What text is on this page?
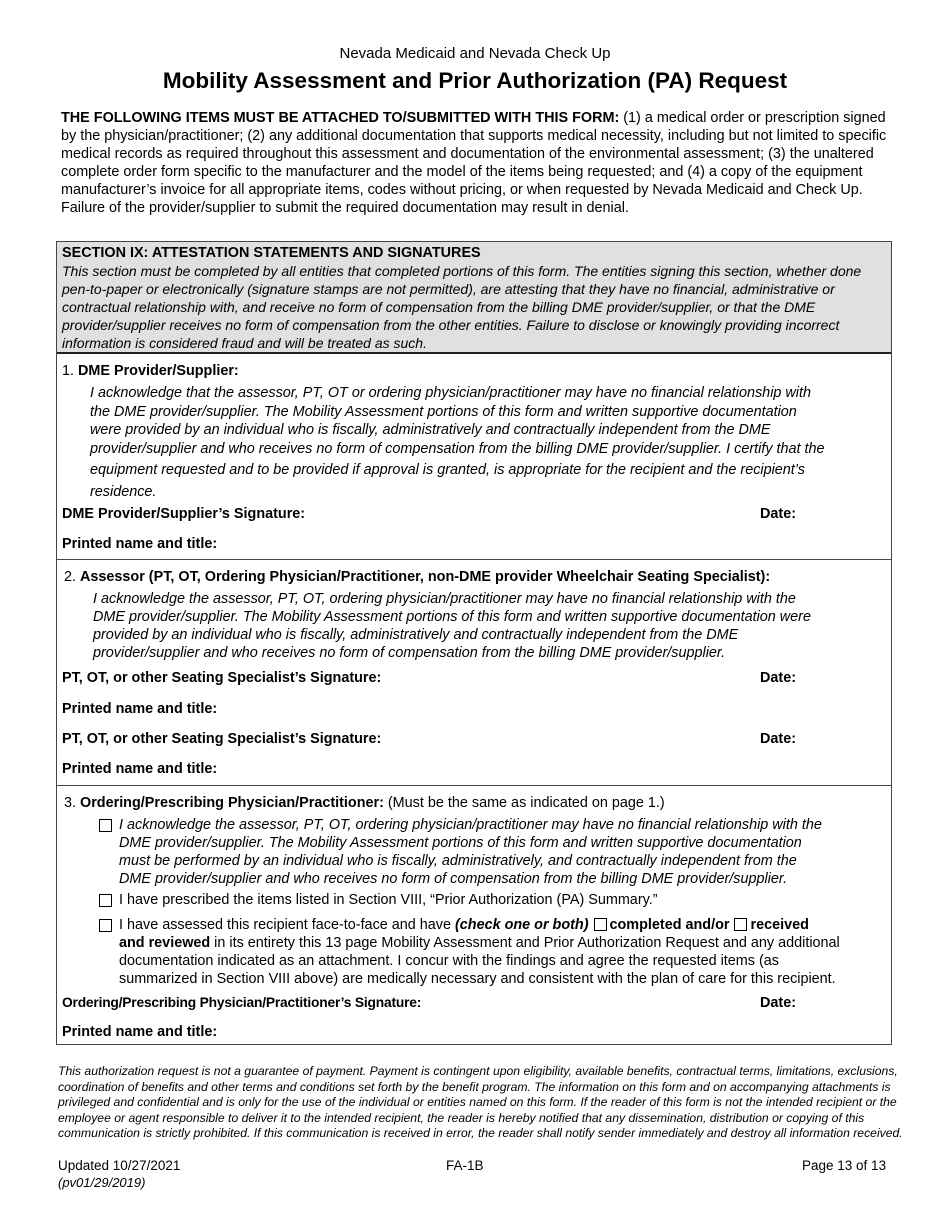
Nevada Medicaid and Nevada Check Up
Mobility Assessment and Prior Authorization (PA) Request
THE FOLLOWING ITEMS MUST BE ATTACHED TO/SUBMITTED WITH THIS FORM: (1) a medical order or prescription signed by the physician/practitioner; (2) any additional documentation that supports medical necessity, including but not limited to specific medical records as required throughout this assessment and documentation of the environmental assessment; (3) the unaltered complete order form specific to the manufacturer and the model of the items being requested; and (4) a copy of the equipment manufacturer’s invoice for all appropriate items, codes without pricing, or when requested by Nevada Medicaid and Check Up. Failure of the provider/supplier to submit the required documentation may result in denial.
SECTION IX: ATTESTATION STATEMENTS AND SIGNATURES
This section must be completed by all entities that completed portions of this form. The entities signing this section, whether done pen-to-paper or electronically (signature stamps are not permitted), are attesting that they have no financial, administrative or contractual relationship with, and receive no form of compensation from the billing DME provider/supplier, or that the DME provider/supplier receives no form of compensation from the other entities. Failure to disclose or knowingly providing incorrect information is considered fraud and will be treated as such.
1. DME Provider/Supplier:
I acknowledge that the assessor, PT, OT or ordering physician/practitioner may have no financial relationship with
the DME provider/supplier. The Mobility Assessment portions of this form and written supportive documentation
were provided by an individual who is fiscally, administratively and contractually independent from the DME
provider/supplier and who receives no form of compensation from the billing DME provider/supplier. I certify that the
equipment requested and to be provided if approval is granted, is appropriate for the recipient and the recipient’s
residence.
DME Provider/Supplier’s Signature:	Date:
Printed name and title:
2. Assessor (PT, OT, Ordering Physician/Practitioner, non-DME provider Wheelchair Seating Specialist):
I acknowledge the assessor, PT, OT, ordering physician/practitioner may have no financial relationship with the
DME provider/supplier. The Mobility Assessment portions of this form and written supportive documentation were
provided by an individual who is fiscally, administratively and contractually independent from the DME
provider/supplier and who receives no form of compensation from the billing DME provider/supplier.
PT, OT, or other Seating Specialist’s Signature:	Date:
Printed name and title:
PT, OT, or other Seating Specialist’s Signature:	Date:
Printed name and title:
3. Ordering/Prescribing Physician/Practitioner: (Must be the same as indicated on page 1.)
I acknowledge the assessor, PT, OT, ordering physician/practitioner may have no financial relationship with the
DME provider/supplier. The Mobility Assessment portions of this form and written supportive documentation
must be performed by an individual who is fiscally, administratively, and contractually independent from the
DME provider/supplier and who receives no form of compensation from the billing DME provider/supplier.
I have prescribed the items listed in Section VIII, “Prior Authorization (PA) Summary.”
I have assessed this recipient face-to-face and have (check one or both) completed and/or received
and reviewed in its entirety this 13 page Mobility Assessment and Prior Authorization Request and any additional
documentation indicated as an attachment. I concur with the findings and agree the requested items (as
summarized in Section VIII above) are medically necessary and consistent with the plan of care for this recipient.
Ordering/Prescribing Physician/Practitioner’s Signature:	Date:
Printed name and title:
This authorization request is not a guarantee of payment. Payment is contingent upon eligibility, available benefits, contractual terms, limitations, exclusions, coordination of benefits and other terms and conditions set forth by the benefit program. The information on this form and on accompanying attachments is privileged and confidential and is only for the use of the individual or entities named on this form. If the reader of this form is not the intended recipient or the employee or agent responsible to deliver it to the intended recipient, the reader is hereby notified that any dissemination, distribution or copying of this communication is strictly prohibited. If this communication is received in error, the reader shall notify sender immediately and destroy all information received.
Updated 10/27/2021
(pv01/29/2019)
FA-1B	Page 13 of 13
